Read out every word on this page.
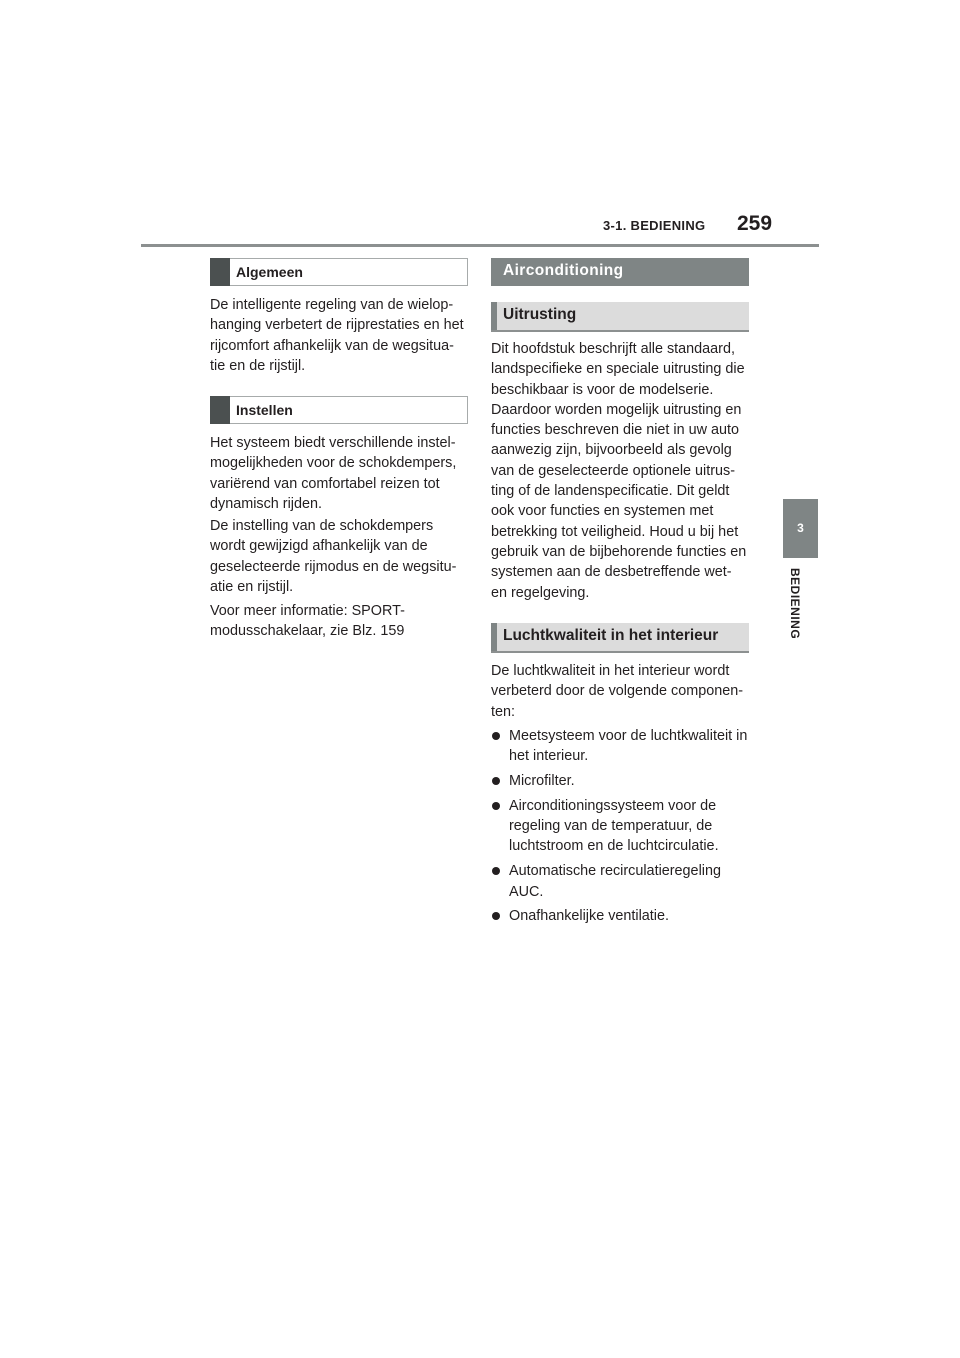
3-1. BEDIENING 259
3
BEDIENING
Algemeen
De intelligente regeling van de wielop-hanging verbetert de rijprestaties en het rijcomfort afhankelijk van de wegsitua-tie en de rijstijl.
Instellen
Het systeem biedt verschillende instel-mogelijkheden voor de schokdempers, variërend van comfortabel reizen tot dynamisch rijden.
De instelling van de schokdempers wordt gewijzigd afhankelijk van de geselecteerde rijmodus en de wegsitu-atie en rijstijl.
Voor meer informatie: SPORT-modusschakelaar, zie Blz. 159
Airconditioning
Uitrusting
Dit hoofdstuk beschrijft alle standaard, landspecifieke en speciale uitrusting die beschikbaar is voor de modelserie. Daardoor worden mogelijk uitrusting en functies beschreven die niet in uw auto aanwezig zijn, bijvoorbeeld als gevolg van de geselecteerde optionele uitrus-ting of de landenspecificatie. Dit geldt ook voor functies en systemen met betrekking tot veiligheid. Houd u bij het gebruik van de bijbehorende functies en systemen aan de desbetreffende wet- en regelgeving.
Luchtkwaliteit in het interieur
De luchtkwaliteit in het interieur wordt verbeterd door de volgende componen-ten:
Meetsysteem voor de luchtkwaliteit in het interieur.
Microfilter.
Airconditioningssysteem voor de regeling van de temperatuur, de luchtstroom en de luchtcirculatie.
Automatische recirculatieregeling AUC.
Onafhankelijke ventilatie.
